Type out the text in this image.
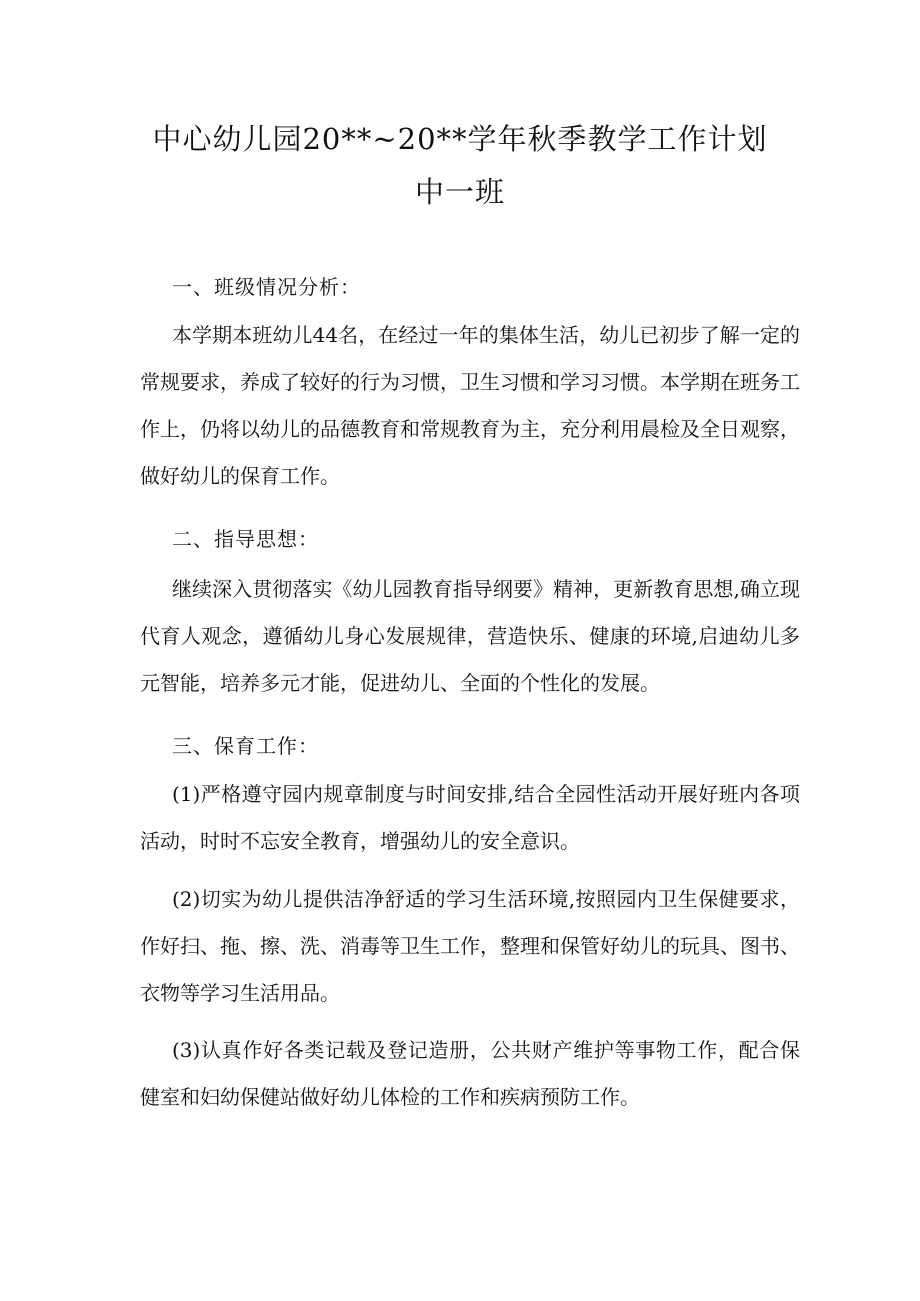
中心幼儿园20**~20**学年秋季教学工作计划
中一班
一、班级情况分析：
本学期本班幼儿44名，在经过一年的集体生活，幼儿已初步了解一定的常规要求，养成了较好的行为习惯，卫生习惯和学习习惯。本学期在班务工作上，仍将以幼儿的品德教育和常规教育为主，充分利用晨检及全日观察，做好幼儿的保育工作。
二、指导思想：
继续深入贯彻落实《幼儿园教育指导纲要》精神，更新教育思想,确立现代育人观念，遵循幼儿身心发展规律，营造快乐、健康的环境,启迪幼儿多元智能，培养多元才能，促进幼儿、全面的个性化的发展。
三、保育工作：
(1)严格遵守园内规章制度与时间安排,结合全园性活动开展好班内各项活动，时时不忘安全教育，增强幼儿的安全意识。
(2)切实为幼儿提供洁净舒适的学习生活环境,按照园内卫生保健要求，作好扫、拖、擦、洗、消毒等卫生工作，整理和保管好幼儿的玩具、图书、衣物等学习生活用品。
(3)认真作好各类记载及登记造册，公共财产维护等事物工作，配合保健室和妇幼保健站做好幼儿体检的工作和疾病预防工作。
